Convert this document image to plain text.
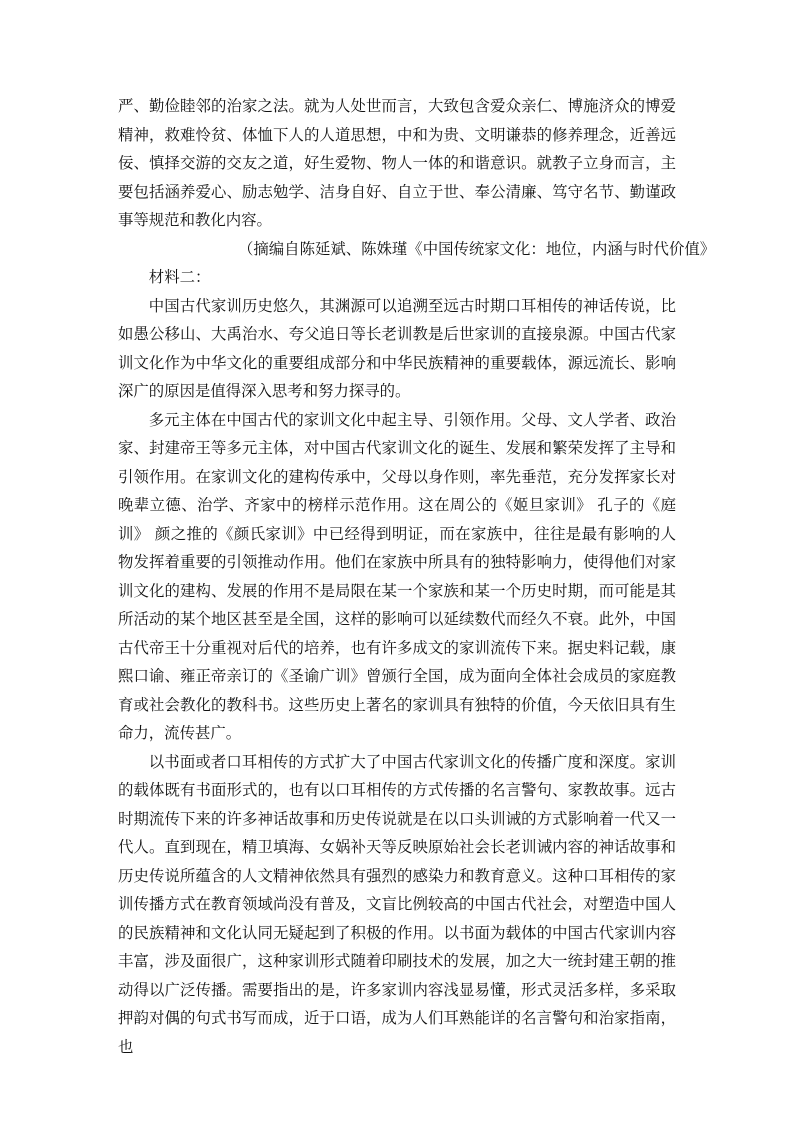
严、勤俭睦邻的治家之法。就为人处世而言，大致包含爱众亲仁、博施济众的博爱精神，救难怜贫、体恤下人的人道思想，中和为贵、文明谦恭的修养理念，近善远佞、慎择交游的交友之道，好生爱物、物人一体的和谐意识。就教子立身而言，主要包括涵养爱心、励志勉学、洁身自好、自立于世、奉公清廉、笃守名节、勤谨政事等规范和教化内容。

（摘编自陈延斌、陈姝瑾《中国传统家文化：地位，内涵与时代价值》

材料二：

中国古代家训历史悠久，其渊源可以追溯至远古时期口耳相传的神话传说，比如愚公移山、大禹治水、夸父追日等长老训教是后世家训的直接泉源。中国古代家训文化作为中华文化的重要组成部分和中华民族精神的重要载体，源远流长、影响深广的原因是值得深入思考和努力探寻的。

多元主体在中国古代的家训文化中起主导、引领作用。父母、文人学者、政治家、封建帝王等多元主体，对中国古代家训文化的诞生、发展和繁荣发挥了主导和引领作用。在家训文化的建构传承中，父母以身作则，率先垂范，充分发挥家长对晚辈立德、治学、齐家中的榜样示范作用。这在周公的《姬旦家训》 孔子的《庭训》 颜之推的《颜氏家训》中已经得到明证，而在家族中，往往是最有影响的人物发挥着重要的引领推动作用。他们在家族中所具有的独特影响力，使得他们对家训文化的建构、发展的作用不是局限在某一个家族和某一个历史时期，而可能是其所活动的某个地区甚至是全国，这样的影响可以延续数代而经久不衰。此外，中国古代帝王十分重视对后代的培养，也有许多成文的家训流传下来。据史料记载，康熙口谕、雍正帝亲订的《圣谕广训》曾颁行全国，成为面向全体社会成员的家庭教育或社会教化的教科书。这些历史上著名的家训具有独特的价值，今天依旧具有生命力，流传甚广。

以书面或者口耳相传的方式扩大了中国古代家训文化的传播广度和深度。家训的载体既有书面形式的，也有以口耳相传的方式传播的名言警句、家教故事。远古时期流传下来的许多神话故事和历史传说就是在以口头训诫的方式影响着一代又一代人。直到现在，精卫填海、女娲补天等反映原始社会长老训诫内容的神话故事和历史传说所蕴含的人文精神依然具有强烈的感染力和教育意义。这种口耳相传的家训传播方式在教育领域尚没有普及，文盲比例较高的中国古代社会，对塑造中国人的民族精神和文化认同无疑起到了积极的作用。以书面为载体的中国古代家训内容丰富，涉及面很广，这种家训形式随着印刷技术的发展，加之大一统封建王朝的推动得以广泛传播。需要指出的是，许多家训内容浅显易懂，形式灵活多样，多采取押韵对偶的句式书写而成，近于口语，成为人们耳熟能详的名言警句和治家指南，也
